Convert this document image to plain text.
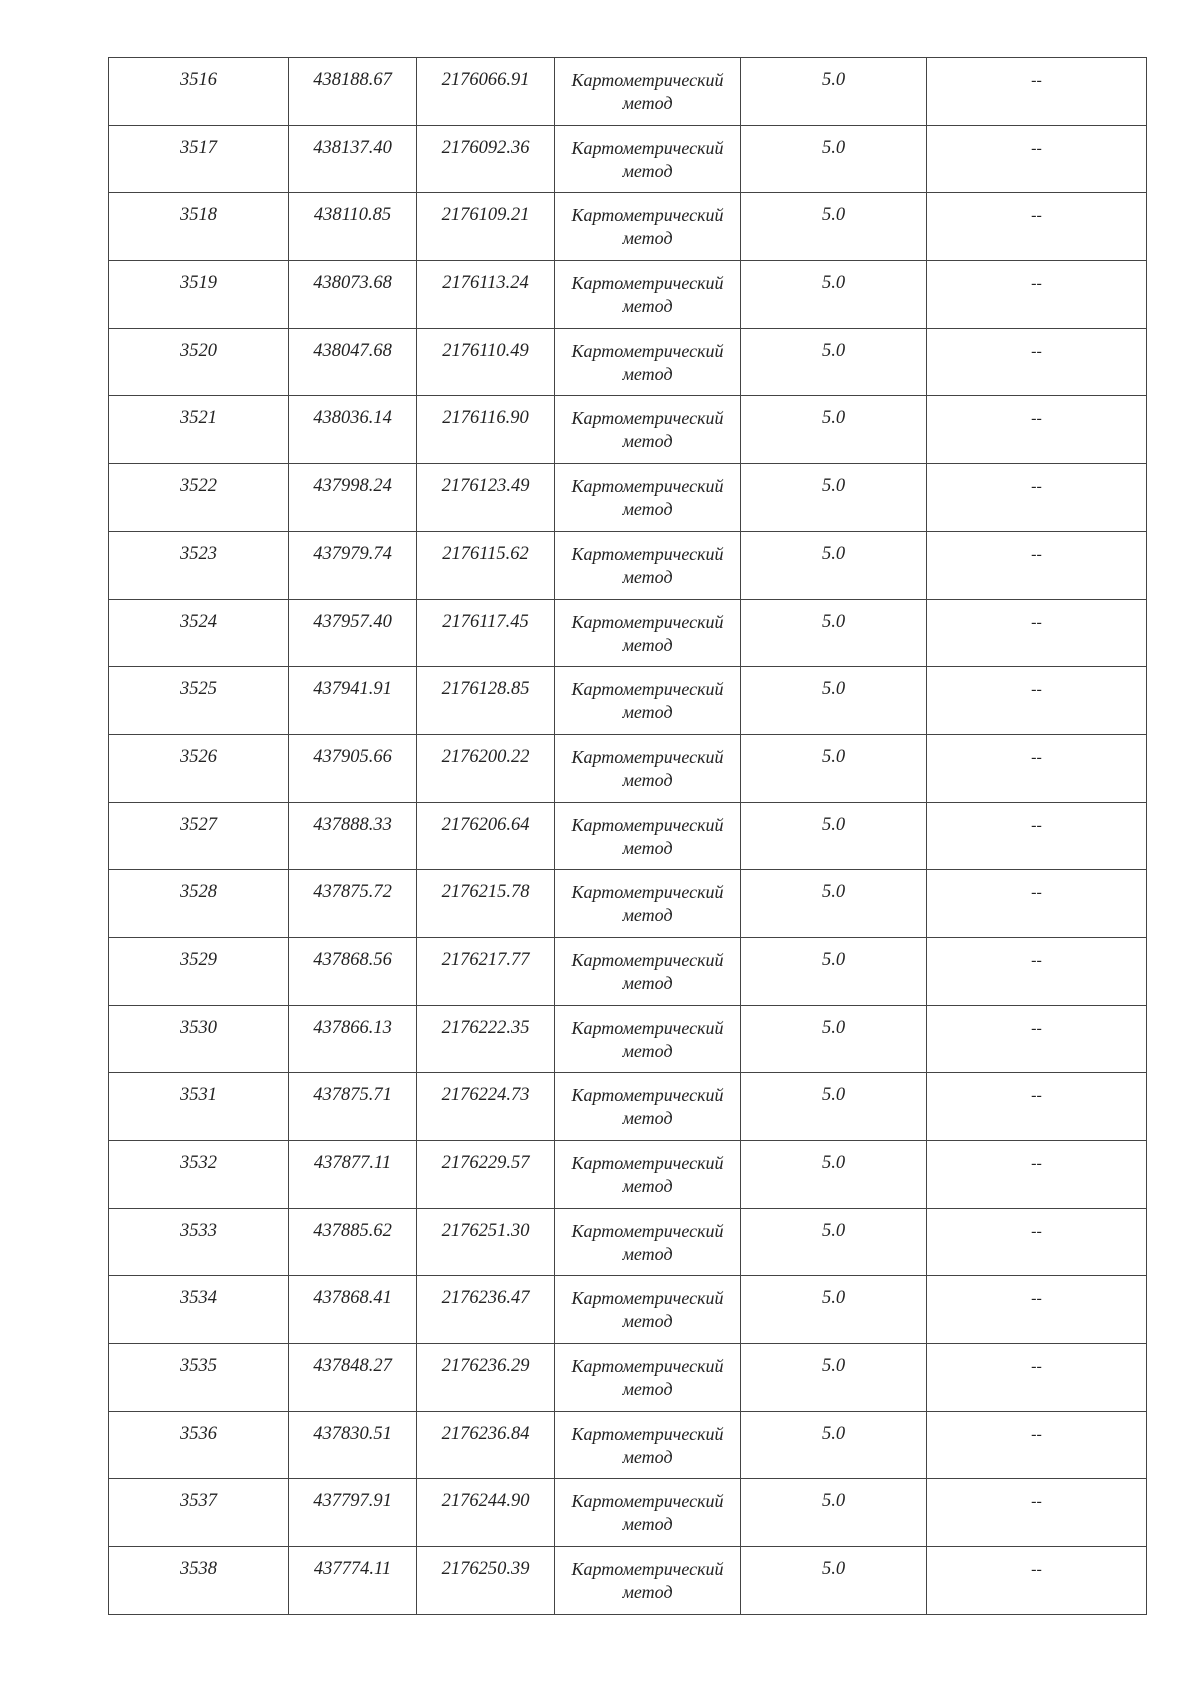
3516	438188.67	2176066.91	Картометрический
метод	5.0	--

3517	438137.40	2176092.36	Картометрический
метод	5.0	--

3518	438110.85	2176109.21	Картометрический
метод	5.0	--

3519	438073.68	2176113.24	Картометрический
метод	5.0	--

3520	438047.68	2176110.49	Картометрический
метод	5.0	--

3521	438036.14	2176116.90	Картометрический
метод	5.0	--

3522	437998.24	2176123.49	Картометрический
метод	5.0	--

3523	437979.74	2176115.62	Картометрический
метод	5.0	--

3524	437957.40	2176117.45	Картометрический
метод	5.0	--

3525	437941.91	2176128.85	Картометрический
метод	5.0	--

3526	437905.66	2176200.22	Картометрический
метод	5.0	--

3527	437888.33	2176206.64	Картометрический
метод	5.0	--

3528	437875.72	2176215.78	Картометрический
метод	5.0	--

3529	437868.56	2176217.77	Картометрический
метод	5.0	--

3530	437866.13	2176222.35	Картометрический
метод	5.0	--

3531	437875.71	2176224.73	Картометрический
метод	5.0	--

3532	437877.11	2176229.57	Картометрический
метод	5.0	--

3533	437885.62	2176251.30	Картометрический
метод	5.0	--

3534	437868.41	2176236.47	Картометрический
метод	5.0	--

3535	437848.27	2176236.29	Картометрический
метод	5.0	--

3536	437830.51	2176236.84	Картометрический
метод	5.0	--

3537	437797.91	2176244.90	Картометрический
метод	5.0	--

3538	437774.11	2176250.39	Картометрический
метод	5.0	--
